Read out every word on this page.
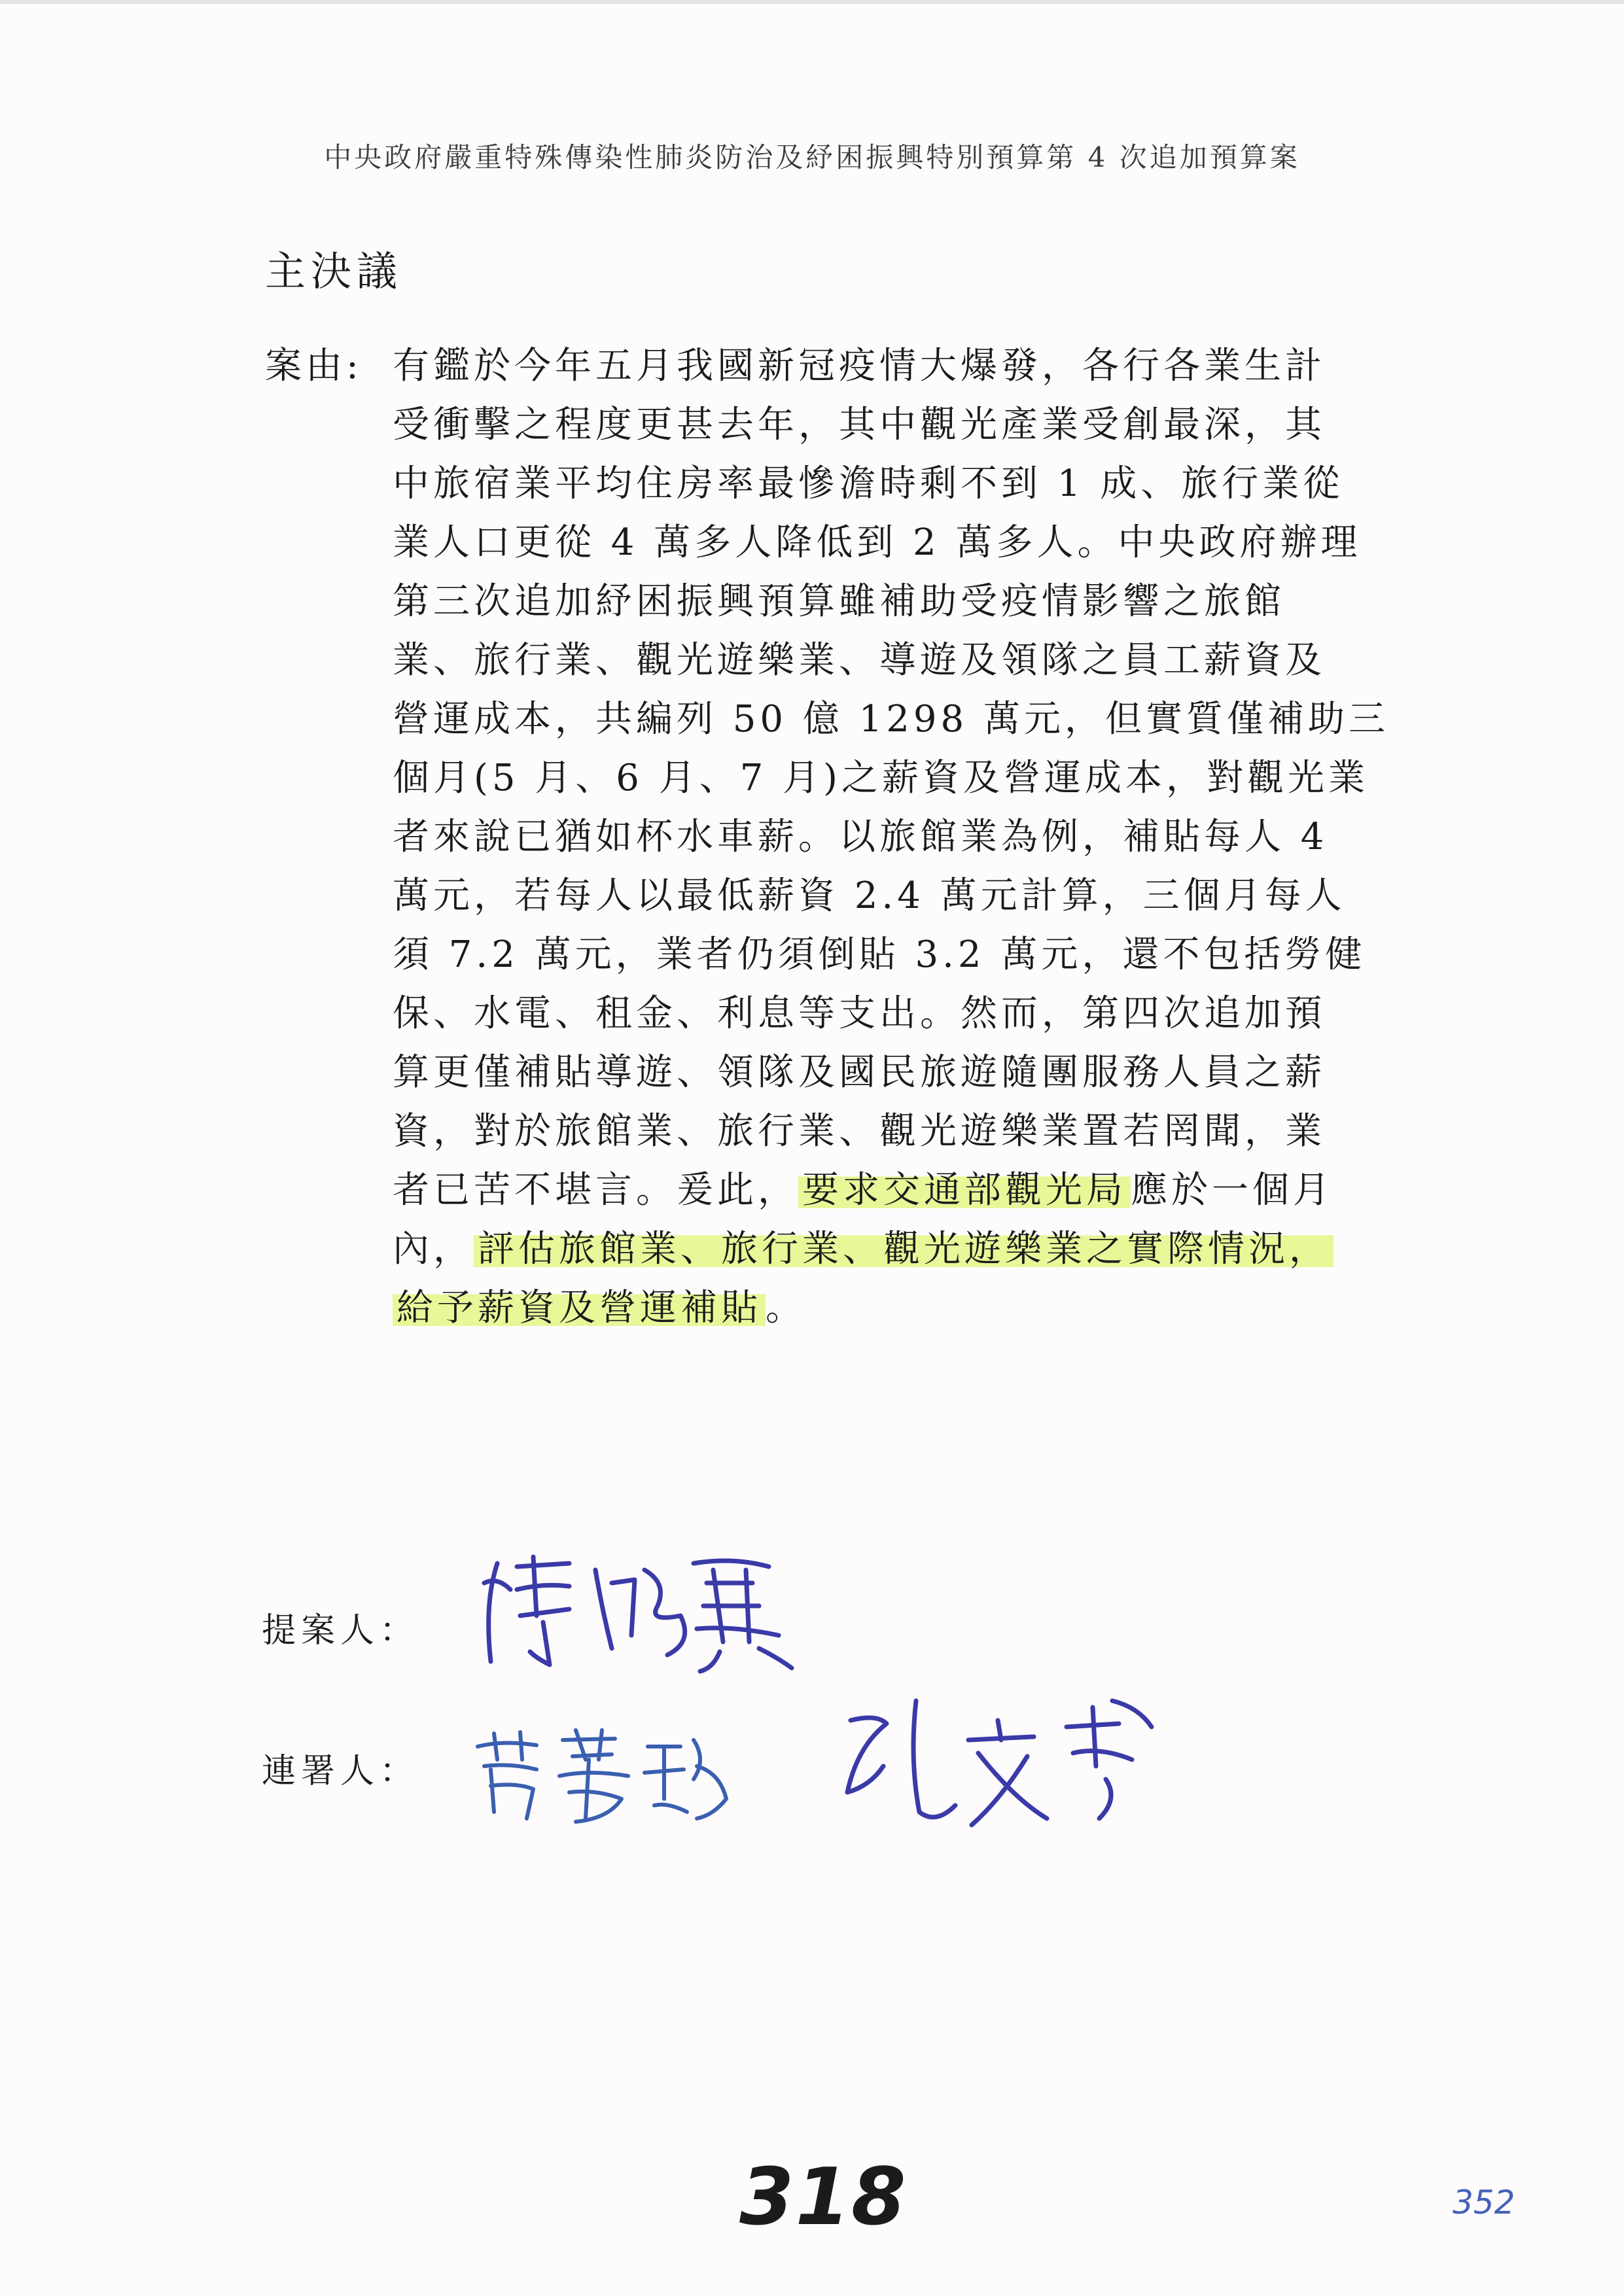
中央政府嚴重特殊傳染性肺炎防治及紓困振興特別預算第 4 次追加預算案
主決議
案由: 有鑑於今年五月我國新冠疫情大爆發，各行各業生計
受衝擊之程度更甚去年，其中觀光產業受創最深，其
中旅宿業平均住房率最慘澹時剩不到 1 成、旅行業從
業人口更從 4 萬多人降低到 2 萬多人。中央政府辦理
第三次追加紓困振興預算雖補助受疫情影響之旅館
業、旅行業、觀光遊樂業、導遊及領隊之員工薪資及
營運成本，共編列 50 億 1298 萬元，但實質僅補助三
個月(5 月、6 月、7 月)之薪資及營運成本，對觀光業
者來說已猶如杯水車薪。以旅館業為例，補貼每人 4
萬元，若每人以最低薪資 2.4 萬元計算，三個月每人
須 7.2 萬元，業者仍須倒貼 3.2 萬元，還不包括勞健
保、水電、租金、利息等支出。然而，第四次追加預
算更僅補貼導遊、領隊及國民旅遊隨團服務人員之薪
資，對於旅館業、旅行業、觀光遊樂業置若罔聞，業
者已苦不堪言。爰此， 要求交通部觀光局 應於一個月
內， 評估旅館業、旅行業、觀光遊樂業之實際情況，
給予薪資及營運補貼 。
提案人：
連署人：
318	352
